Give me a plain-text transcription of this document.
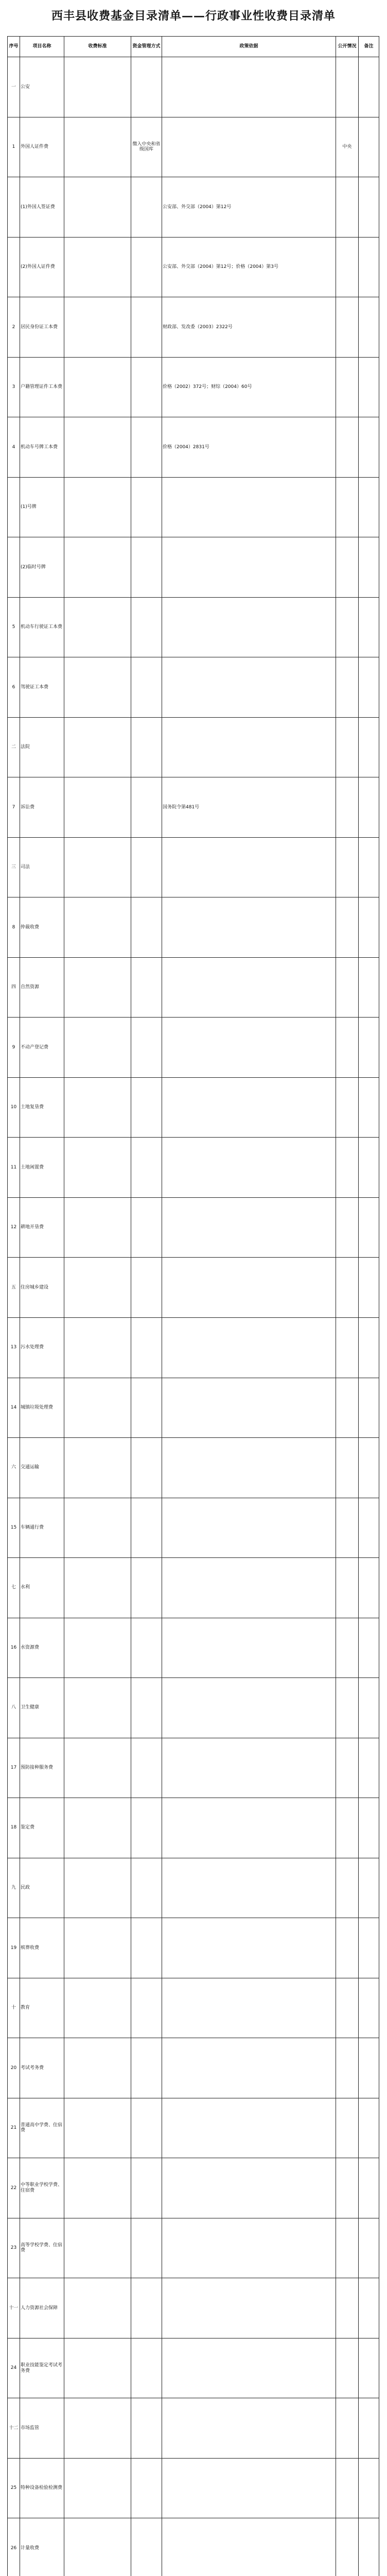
西丰县收费基金目录清单——行政事业性收费目录清单
序号	项目名称	收费标准	资金管理方式	政策依据	公开情况	备注
一	公安					
1	外国人证件费		缴入中央和省级国库		中央	
	(1)外国人签证费			公安部、外交部（2004）第12号		
	(2)外国人证件费			公安部、外交部（2004）第12号；价格（2004）第3号		
2	居民身份证工本费			财政部、发改委（2003）2322号		
3	户籍管理证件工本费			价格（2002）372号；财综（2004）60号		
4	机动车号牌工本费			价格（2004）2831号		
	(1)号牌					
	(2)临时号牌					
5	机动车行驶证工本费					
6	驾驶证工本费					
二	法院					
7	诉讼费			国务院令第481号		
三	司法					
8	仲裁收费					
四	自然资源					
9	不动产登记费					
10	土地复垦费					
11	土地闲置费					
12	耕地开垦费					
五	住房城乡建设					
13	污水处理费					
14	城镇垃圾处理费					
六	交通运输					
15	车辆通行费					
七	水利					
16	水资源费					
八	卫生健康					
17	预防接种服务费					
18	鉴定费					
九	民政					
19	殡葬收费					
十	教育					
20	考试考务费					
21	普通高中学费、住宿费					
22	中等职业学校学费、住宿费					
23	高等学校学费、住宿费					
十一	人力资源社会保障					
24	职业技能鉴定考试考务费					
十二	市场监管					
25	特种设备检验检测费					
26	计量收费					
